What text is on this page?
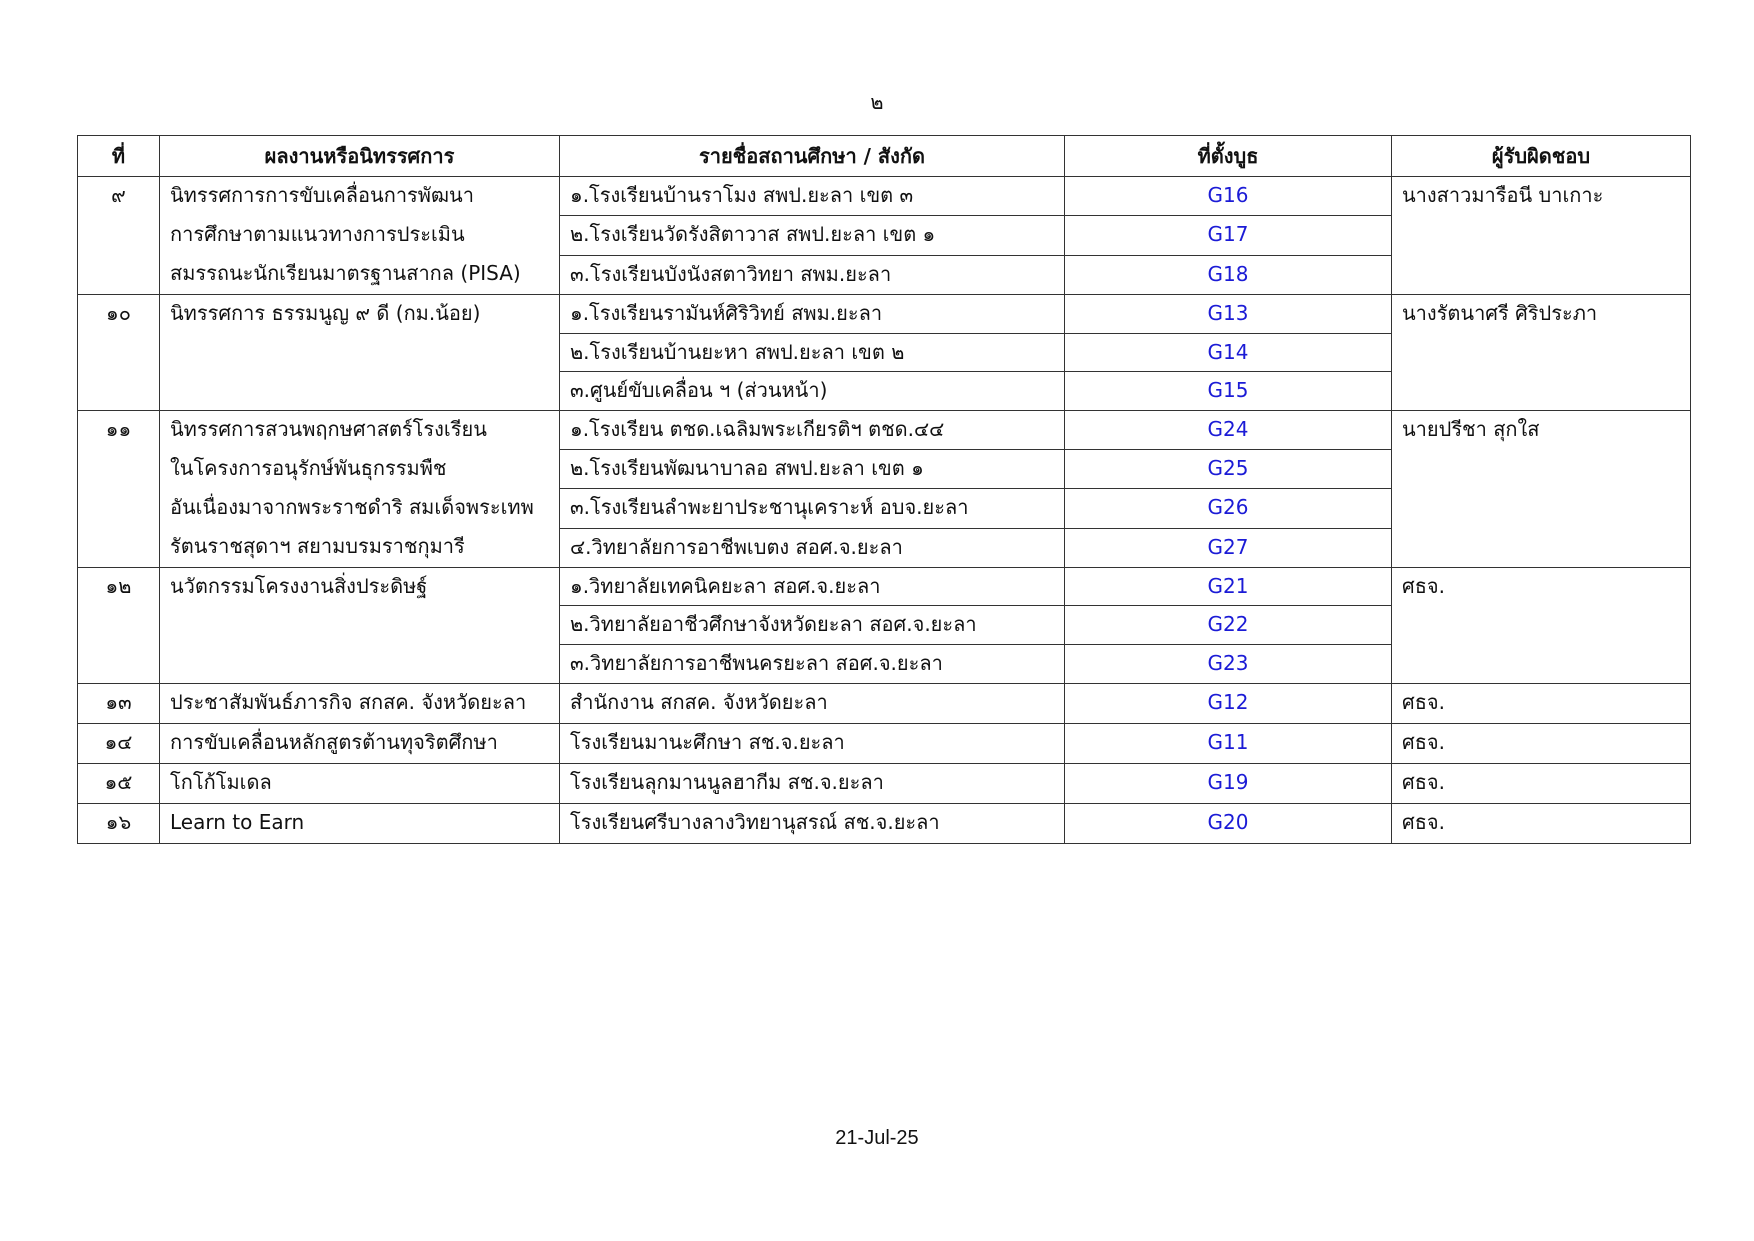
๒
ที่	ผลงานหรือนิทรรศการ	รายชื่อสถานศึกษา / สังกัด	ที่ตั้งบูธ	ผู้รับผิดชอบ
๙	นิทรรศการการขับเคลื่อนการพัฒนา
การศึกษาตามแนวทางการประเมิน
สมรรถนะนักเรียนมาตรฐานสากล (PISA)	๑.โรงเรียนบ้านราโมง สพป.ยะลา เขต ๓	G16	นางสาวมารือนี บาเกาะ
		๒.โรงเรียนวัดรังสิตาวาส สพป.ยะลา เขต ๑	G17	
		๓.โรงเรียนบังนังสตาวิทยา สพม.ยะลา	G18	
๑๐	นิทรรศการ ธรรมนูญ ๙ ดี (กม.น้อย)	๑.โรงเรียนรามันห์ศิริวิทย์ สพม.ยะลา	G13	นางรัตนาศรี ศิริประภา
		๒.โรงเรียนบ้านยะหา สพป.ยะลา เขต ๒	G14	
		๓.ศูนย์ขับเคลื่อน ฯ (ส่วนหน้า)	G15	
๑๑	นิทรรศการสวนพฤกษศาสตร์โรงเรียน
ในโครงการอนุรักษ์พันธุกรรมพืช
อันเนื่องมาจากพระราชดำริ สมเด็จพระเทพ
รัตนราชสุดาฯ สยามบรมราชกุมารี	๑.โรงเรียน ตชด.เฉลิมพระเกียรติฯ ตชด.๔๔	G24	นายปรีชา สุกใส
		๒.โรงเรียนพัฒนาบาลอ สพป.ยะลา เขต ๑	G25	
		๓.โรงเรียนลำพะยาประชานุเคราะห์ อบจ.ยะลา	G26	
		๔.วิทยาลัยการอาชีพเบตง สอศ.จ.ยะลา	G27	
๑๒	นวัตกรรมโครงงานสิ่งประดิษฐ์	๑.วิทยาลัยเทคนิคยะลา สอศ.จ.ยะลา	G21	ศธจ.
		๒.วิทยาลัยอาชีวศึกษาจังหวัดยะลา สอศ.จ.ยะลา	G22	
		๓.วิทยาลัยการอาชีพนครยะลา สอศ.จ.ยะลา	G23	
๑๓	ประชาสัมพันธ์ภารกิจ สกสค. จังหวัดยะลา	สำนักงาน สกสค. จังหวัดยะลา	G12	ศธจ.
๑๔	การขับเคลื่อนหลักสูตรต้านทุจริตศึกษา	โรงเรียนมานะศึกษา สช.จ.ยะลา	G11	ศธจ.
๑๕	โกโก้โมเดล	โรงเรียนลุกมานนูลฮากีม สช.จ.ยะลา	G19	ศธจ.
๑๖	Learn to Earn	โรงเรียนศรีบางลางวิทยานุสรณ์ สช.จ.ยะลา	G20	ศธจ.
21-Jul-25
